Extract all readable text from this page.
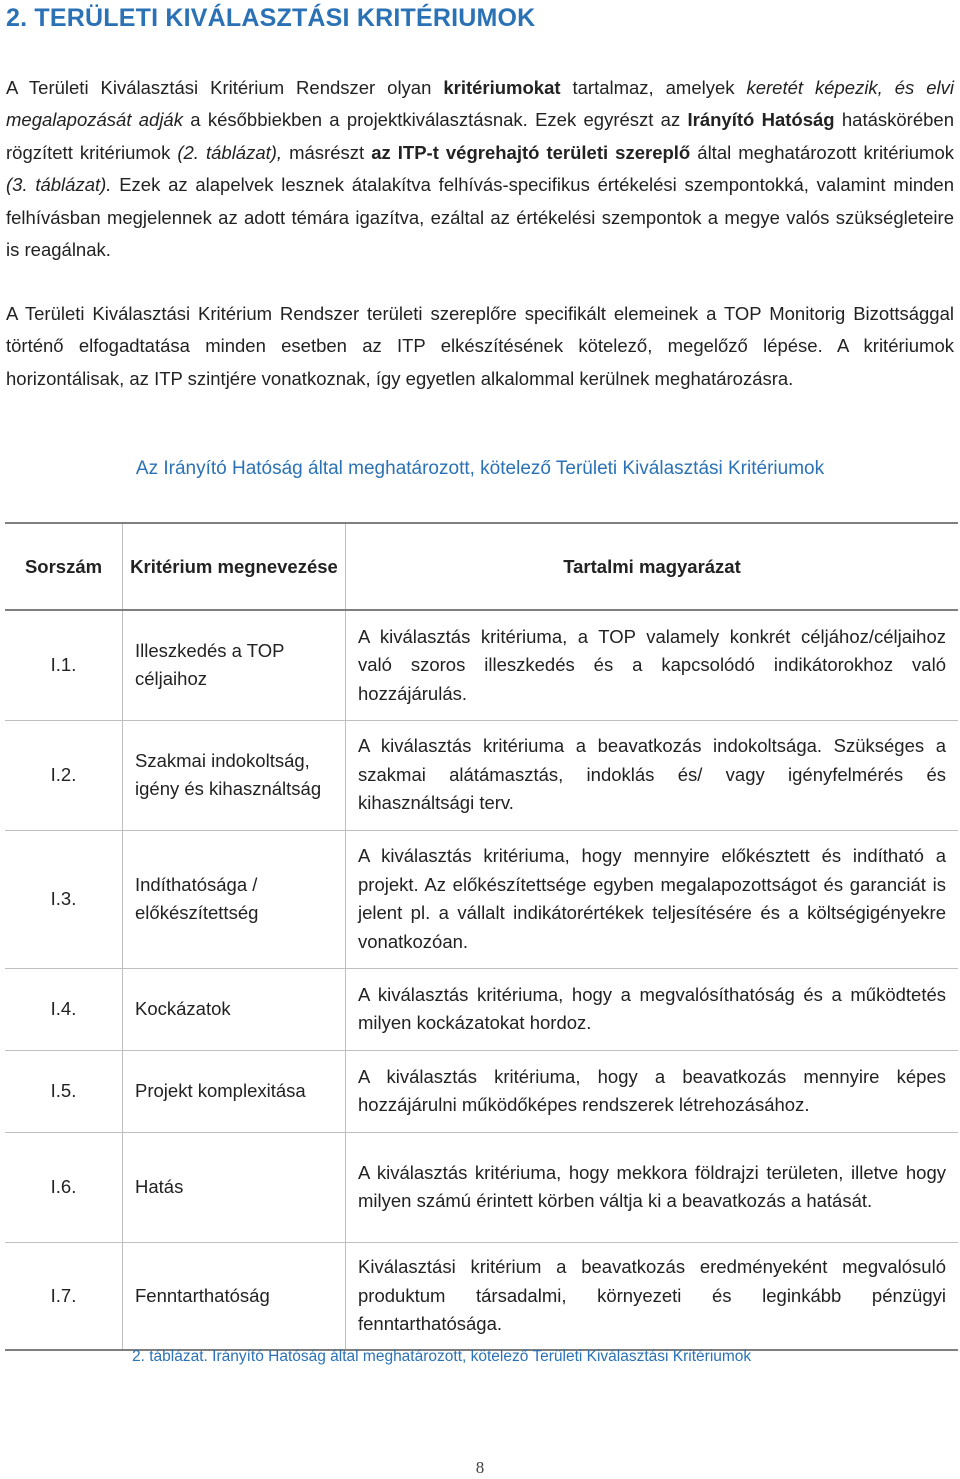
2. TERÜLETI KIVÁLASZTÁSI KRITÉRIUMOK

A Területi Kiválasztási Kritérium Rendszer olyan kritériumokat tartalmaz, amelyek keretét képezik, és elvi megalapozását adják a későbbiekben a projektkiválasztásnak. Ezek egyrészt az Irányító Hatóság hatáskörében rögzített kritériumok (2. táblázat), másrészt az ITP-t végrehajtó területi szereplő által meghatározott kritériumok (3. táblázat). Ezek az alapelvek lesznek átalakítva felhívás-specifikus értékelési szempontokká, valamint minden felhívásban megjelennek az adott témára igazítva, ezáltal az értékelési szempontok a megye valós szükségleteire is reagálnak.

A Területi Kiválasztási Kritérium Rendszer területi szereplőre specifikált elemeinek a TOP Monitorig Bizottsággal történő elfogadtatása minden esetben az ITP elkészítésének kötelező, megelőző lépése. A kritériumok horizontálisak, az ITP szintjére vonatkoznak, így egyetlen alkalommal kerülnek meghatározásra.

Az Irányító Hatóság által meghatározott, kötelező Területi Kiválasztási Kritériumok

Sorszám	Kritérium megnevezése	Tartalmi magyarázat
I.1.	Illeszkedés a TOP céljaihoz	A kiválasztás kritériuma, a TOP valamely konkrét céljához/céljaihoz való szoros illeszkedés és a kapcsolódó indikátorokhoz való hozzájárulás.
I.2.	Szakmai indokoltság, igény és kihasználtság	A kiválasztás kritériuma a beavatkozás indokoltsága. Szükséges a szakmai alátámasztás, indoklás és/ vagy igényfelmérés és kihasználtsági terv.
I.3.	Indíthatósága / előkészítettség	A kiválasztás kritériuma, hogy mennyire előkésztett és indítható a projekt. Az előkészítettsége egyben megalapozottságot és garanciát is jelent pl. a vállalt indikátorértékek teljesítésére és a költségigényekre vonatkozóan.
I.4.	Kockázatok	A kiválasztás kritériuma, hogy a megvalósíthatóság és a működtetés milyen kockázatokat hordoz.
I.5.	Projekt komplexitása	A kiválasztás kritériuma, hogy a beavatkozás mennyire képes hozzájárulni működőképes rendszerek létrehozásához.
I.6.	Hatás	A kiválasztás kritériuma, hogy mekkora földrajzi területen, illetve hogy milyen számú érintett körben váltja ki a beavatkozás a hatását.
I.7.	Fenntarthatóság	Kiválasztási kritérium a beavatkozás eredményeként megvalósuló produktum társadalmi, környezeti és leginkább pénzügyi fenntarthatósága.

2. táblázat. Irányító Hatóság által meghatározott, kötelező Területi Kiválasztási Kritériumok

8
